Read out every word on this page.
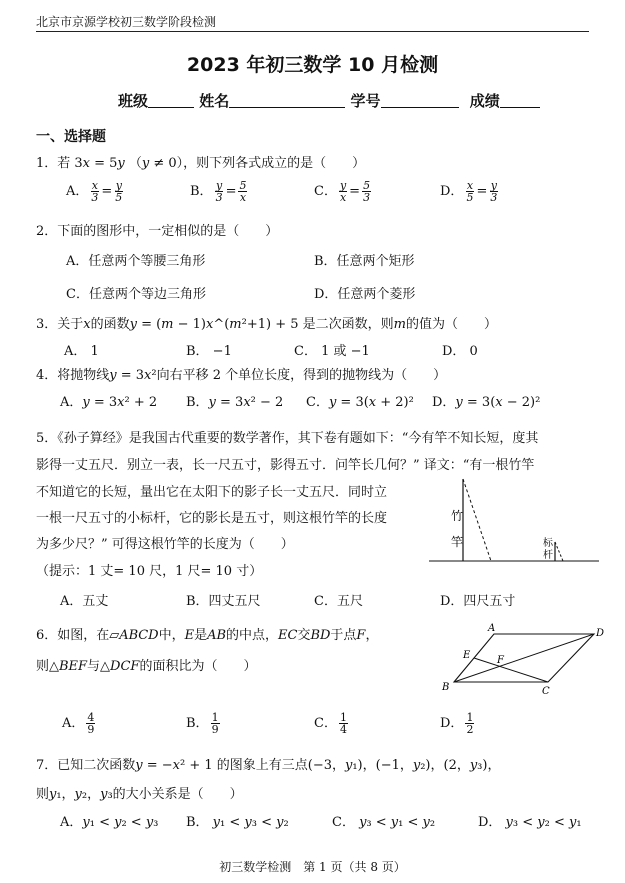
北京市京源学校初三数学阶段检测
2023 年初三数学 10 月检测
班级	姓名	学号	成绩
一、选择题
1．若 3𝑥 = 5𝑦 （𝑦 ≠ 0），则下列各式成立的是（　　）
A． $\frac{x}{3} = \frac{y}{5}$	B． $\frac{y}{3} = \frac{5}{x}$	C． $\frac{y}{x} = \frac{5}{3}$	D． $\frac{x}{5} = \frac{y}{3}$
2．下面的图形中，一定相似的是（　　）
A．任意两个等腰三角形	B．任意两个矩形
C．任意两个等边三角形	D．任意两个菱形
3．关于𝑥的函数𝑦 = (𝑚 − 1)𝑥^(𝑚²+1) + 5 是二次函数，则𝑚的值为（　　）
A． 1	B． −1	C． 1 或 −1	D． 0
4．将抛物线𝑦 = 3𝑥²向右平移 2 个单位长度，得到的抛物线为（　　）
A．𝑦 = 3𝑥² + 2 B．𝑦 = 3𝑥² − 2 C．𝑦 = 3(𝑥 + 2)² D．𝑦 = 3(𝑥 − 2)²
5．《孙子算经》是我国古代重要的数学著作，其下卷有题如下：“今有竿不知长短，度其
影得一丈五尺．别立一表，长一尺五寸，影得五寸．问竿长几何？” 译文：“有一根竹竿
不知道它的长短，量出它在太阳下的影子长一丈五尺．同时立
一根一尺五寸的小标杆，它的影长是五寸，则这根竹竿的长度
为多少尺？” 可得这根竹竿的长度为（　　）
（提示：1 丈= 10 尺，1 尺= 10 寸）
A．五丈	B．四丈五尺	C．五尺	D．四尺五寸
竹
竿	标
杆
6．如图，在▱𝐴𝐵𝐶𝐷中，𝐸是𝐴𝐵的中点，𝐸𝐶交𝐵𝐷于点𝐹，
则△𝐵𝐸𝐹与△𝐷𝐶𝐹的面积比为（　　）
A	D
B	C
E	F
A． $\frac{4}{9}$	B． $\frac{1}{9}$	C． $\frac{1}{4}$	D． $\frac{1}{2}$
7．已知二次函数𝑦 = −𝑥² + 1 的图象上有三点(−3，𝑦₁)，(−1，𝑦₂)，(2，𝑦₃)，
则𝑦₁，𝑦₂，𝑦₃的大小关系是（　　）
A．𝑦₁ < 𝑦₂ < 𝑦₃ B． 𝑦₁ < 𝑦₃ < 𝑦₂	C． 𝑦₃ < 𝑦₁ < 𝑦₂	D． 𝑦₃ < 𝑦₂ < 𝑦₁
初三数学检测　第 1 页（共 8 页）
